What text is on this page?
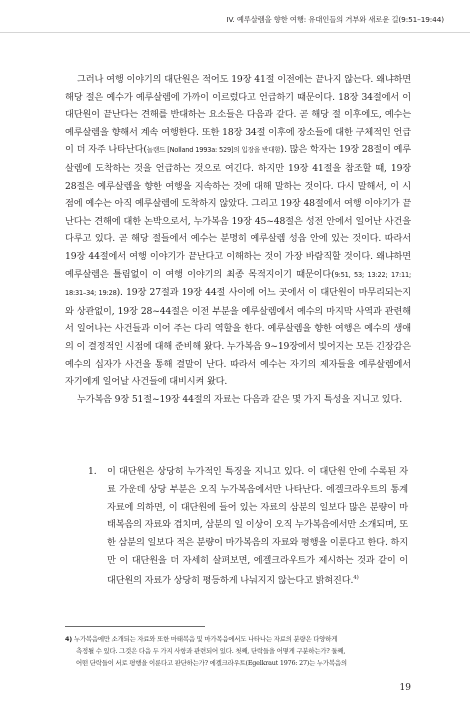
IV. 예루살렘을 향한 여행: 유대인들의 거부와 새로운 길(9:51–19:44)

그러나 여행 이야기의 대단원은 적어도 19장 41절 이전에는 끝나지 않는다. 왜냐하면 해당 절은 예수가 예루살렘에 가까이 이르렀다고 언급하기 때문이다. 18장 34절에서 이 대단원이 끝난다는 견해를 반대하는 요소들은 다음과 같다. 곧 해당 절 이후에도, 예수는 예루살렘을 향해서 계속 여행한다. 또한 18장 34절 이후에 장소들에 대한 구체적인 언급이 더 자주 나타난다(놀랜드 [Nolland 1993a: 529]의 입장을 반대함). 많은 학자는 19장 28절이 예루살렘에 도착하는 것을 언급하는 것으로 여긴다. 하지만 19장 41절을 참조할 때, 19장 28절은 예루살렘을 향한 여행을 지속하는 것에 대해 말하는 것이다. 다시 말해서, 이 시점에 예수는 아직 예루살렘에 도착하지 않았다. 그리고 19장 48절에서 여행 이야기가 끝난다는 견해에 대한 논박으로서, 누가복음 19장 45~48절은 성전 안에서 일어난 사건을 다루고 있다. 곧 해당 절들에서 예수는 분명히 예루살렘 성읍 안에 있는 것이다. 따라서 19장 44절에서 여행 이야기가 끝난다고 이해하는 것이 가장 바람직할 것이다. 왜냐하면 예루살렘은 틀림없이 이 여행 이야기의 최종 목적지이기 때문이다(9:51, 53; 13:22; 17:11; 18:31–34; 19:28). 19장 27절과 19장 44절 사이에 어느 곳에서 이 대단원이 마무리되는지와 상관없이, 19장 28~44절은 이전 부분을 예루살렘에서 예수의 마지막 사역과 관련해서 일어나는 사건들과 이어 주는 다리 역할을 한다. 예루살렘을 향한 여행은 예수의 생애의 이 결정적인 시점에 대해 준비해 왔다. 누가복음 9~19장에서 빚어지는 모든 긴장감은 예수의 십자가 사건을 통해 결말이 난다. 따라서 예수는 자기의 제자들을 예루살렘에서 자기에게 일어날 사건들에 대비시켜 왔다.

누가복음 9장 51절~19장 44절의 자료는 다음과 같은 몇 가지 특성을 지니고 있다.

1. 이 대단원은 상당히 누가적인 특징을 지니고 있다. 이 대단원 안에 수록된 자료 가운데 상당 부분은 오직 누가복음에서만 나타난다. 에겔크라우트의 통계 자료에 의하면, 이 대단원에 들어 있는 자료의 삼분의 일보다 많은 분량이 마태복음의 자료와 겹치며, 삼분의 일 이상이 오직 누가복음에서만 소개되며, 또한 삼분의 일보다 적은 분량이 마가복음의 자료와 평행을 이룬다고 한다. 하지만 이 대단원을 더 자세히 살펴보면, 에겔크라우트가 제시하는 것과 같이 이 대단원의 자료가 상당히 평등하게 나눠지지 않는다고 밝혀진다.$^{4)}$
4) 누가복음에만 소개되는 자료와 또한 마태복음 및 마가복음에서도 나타나는 자료의 분량은 다양하게
측정될 수 있다. 그것은 다음 두 가지 사항과 관련되어 있다. 첫째, 단락들을 어떻게 구분하는가? 둘째,
어떤 단락들이 서로 평행을 이룬다고 판단하는가? 에겔크라우트(Egelkraut 1976: 27)는 누가복음의
19
